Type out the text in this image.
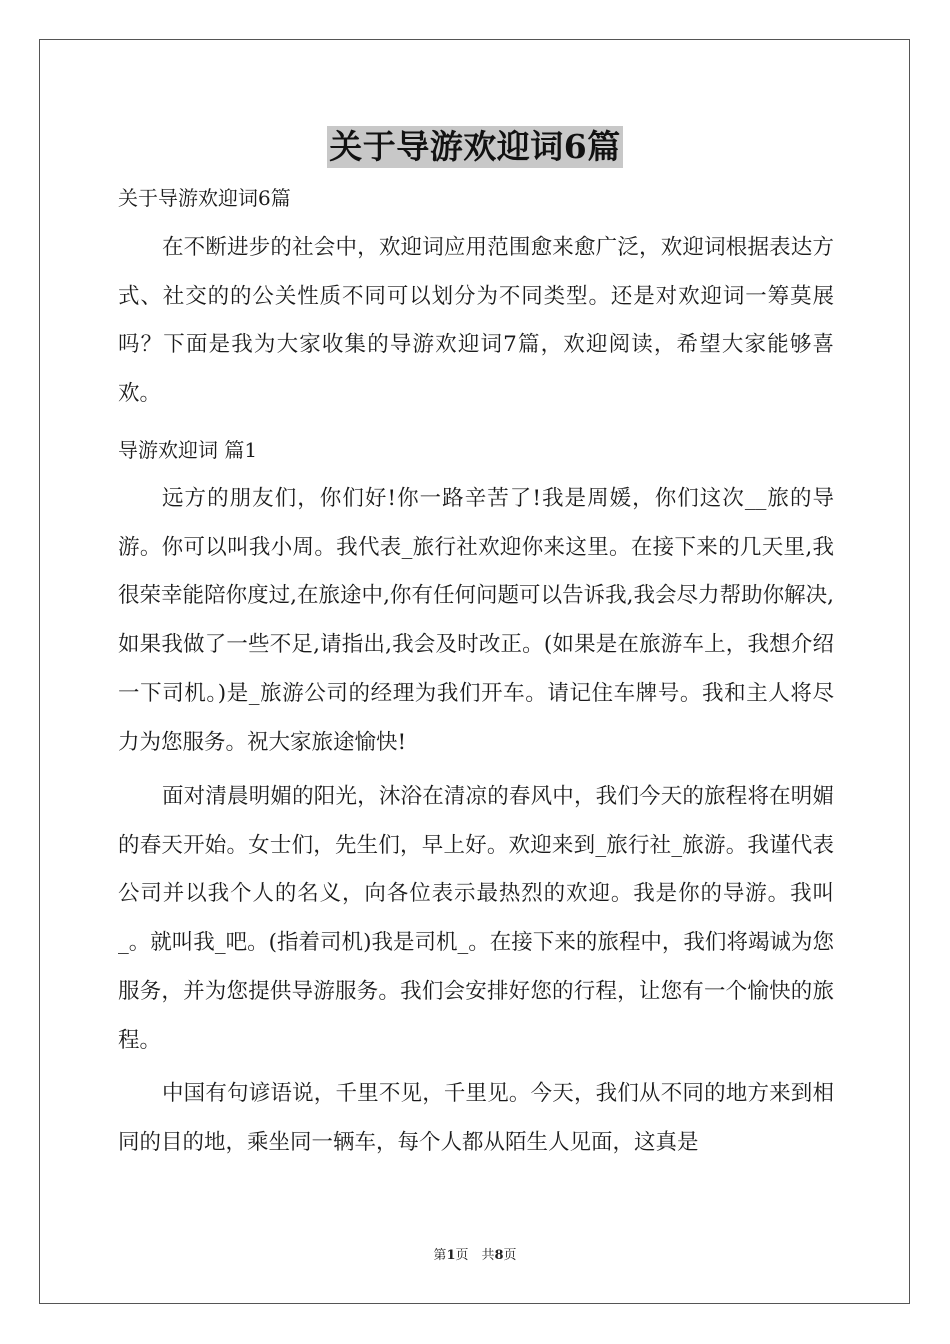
关于导游欢迎词6篇
关于导游欢迎词6篇

在不断进步的社会中，欢迎词应用范围愈来愈广泛，欢迎词根据表达方式、社交的的公关性质不同可以划分为不同类型。还是对欢迎词一筹莫展吗？下面是我为大家收集的导游欢迎词7篇，欢迎阅读，希望大家能够喜欢。

导游欢迎词 篇1

远方的朋友们，你们好!你一路辛苦了!我是周媛，你们这次__旅的导游。你可以叫我小周。我代表_旅行社欢迎你来这里。在接下来的几天里,我很荣幸能陪你度过,在旅途中,你有任何问题可以告诉我,我会尽力帮助你解决,如果我做了一些不足,请指出,我会及时改正。(如果是在旅游车上，我想介绍一下司机。)是_旅游公司的经理为我们开车。请记住车牌号。我和主人将尽力为您服务。祝大家旅途愉快!

面对清晨明媚的阳光，沐浴在清凉的春风中，我们今天的旅程将在明媚的春天开始。女士们，先生们，早上好。欢迎来到_旅行社_旅游。我谨代表公司并以我个人的名义，向各位表示最热烈的欢迎。我是你的导游。我叫_。就叫我_吧。(指着司机)我是司机_。在接下来的旅程中，我们将竭诚为您服务，并为您提供导游服务。我们会安排好您的行程，让您有一个愉快的旅程。

中国有句谚语说，千里不见，千里见。今天，我们从不同的地方来到相同的目的地，乘坐同一辆车，每个人都从陌生人见面，这真是

第1页　共8页
